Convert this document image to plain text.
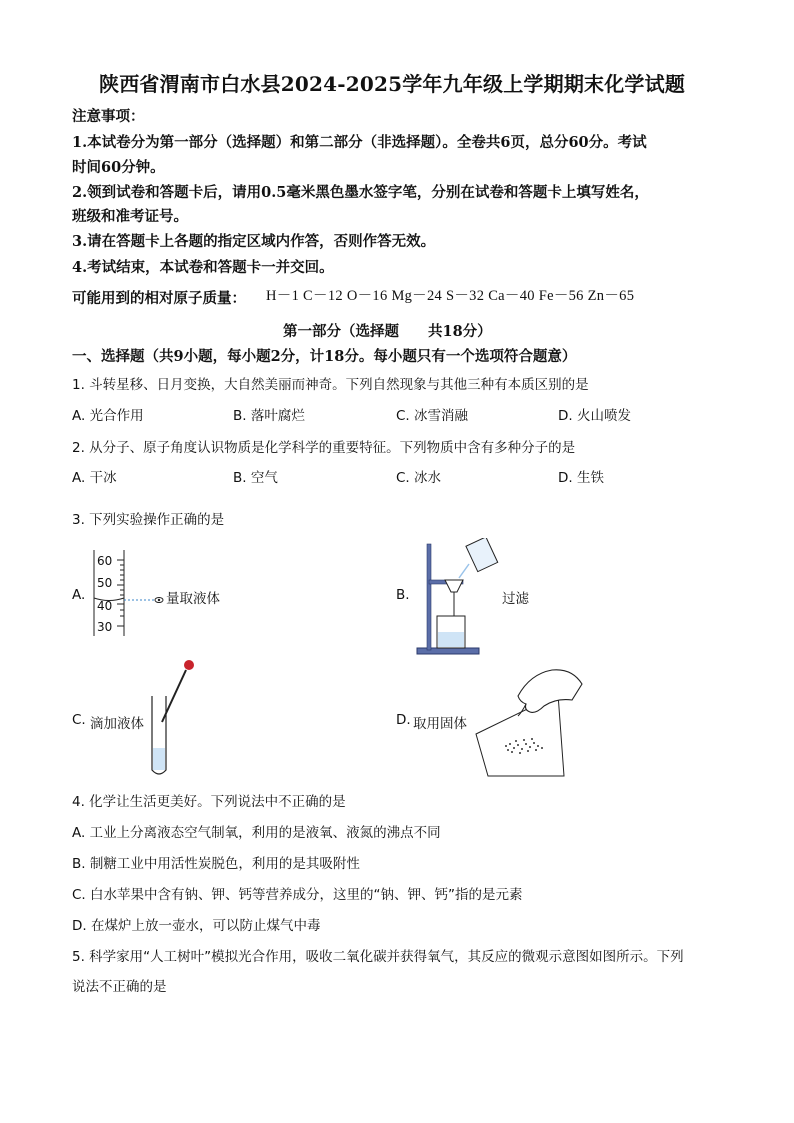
陕西省渭南市白水县2024-2025学年九年级上学期期末化学试题
注意事项：
1.本试卷分为第一部分（选择题）和第二部分（非选择题）。全卷共6页，总分60分。考试
时间60分钟。
2.领到试卷和答题卡后，请用0.5毫米黑色墨水签字笔，分别在试卷和答题卡上填写姓名，
班级和准考证号。
3.请在答题卡上各题的指定区域内作答，否则作答无效。
4.考试结束，本试卷和答题卡一并交回。
可能用到的相对原子质量： H－1 C－12 O－16 Mg－24 S－32 Ca－40 Fe－56 Zn－65
第一部分（选择题　　共18分）
一、选择题（共9小题，每小题2分，计18分。每小题只有一个选项符合题意）
1. 斗转星移、日月变换，大自然美丽而神奇。下列自然现象与其他三种有本质区别的是
A. 光合作用	B. 落叶腐烂	C. 冰雪消融	D. 火山喷发
2. 从分子、原子角度认识物质是化学科学的重要特征。下列物质中含有多种分子的是
A. 干冰	B. 空气	C. 冰水	D. 生铁
3. 下列实验操作正确的是
A.
60
50
40
30
量取液体	B.	过滤
C. 滴加液体	D. 取用固体
4. 化学让生活更美好。下列说法中不正确的是
A. 工业上分离液态空气制氧，利用的是液氧、液氮的沸点不同
B. 制糖工业中用活性炭脱色，利用的是其吸附性
C. 白水苹果中含有钠、钾、钙等营养成分，这里的“钠、钾、钙”指的是元素
D. 在煤炉上放一壶水，可以防止煤气中毒
5. 科学家用“人工树叶”模拟光合作用，吸收二氧化碳并获得氧气，其反应的微观示意图如图所示。下列
说法不正确的是
